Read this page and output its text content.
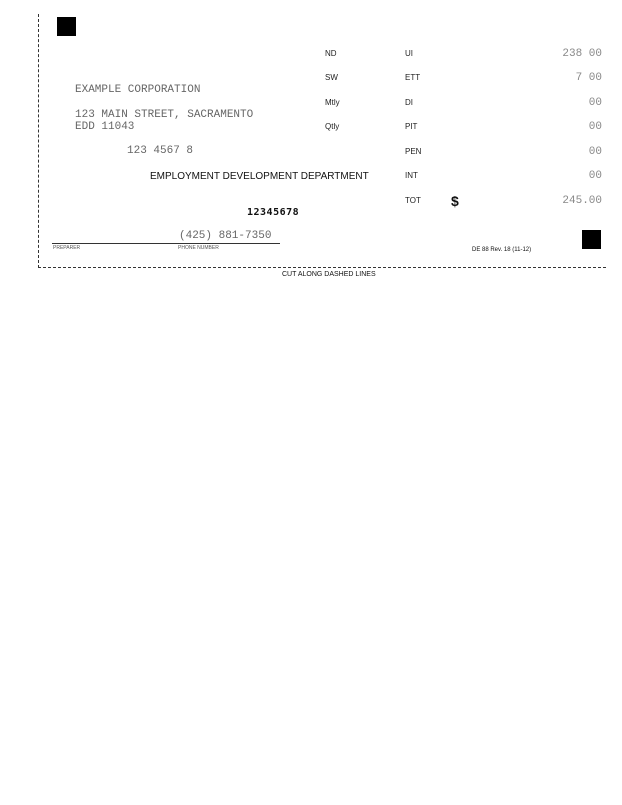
EXAMPLE CORPORATION
123 MAIN STREET, SACRAMENTO
EDD 11043
123 4567 8
EMPLOYMENT DEVELOPMENT DEPARTMENT
12345678
(425) 881-7350
PREPARER	PHONE NUMBER
ND
SW
Mtly
Qtly
UI
ETT
DI
PIT
PEN
INT
TOT $
238 00
7 00
00
00
00
00
245.00
DE 88 Rev. 18 (11-12)
CUT ALONG DASHED LINES
